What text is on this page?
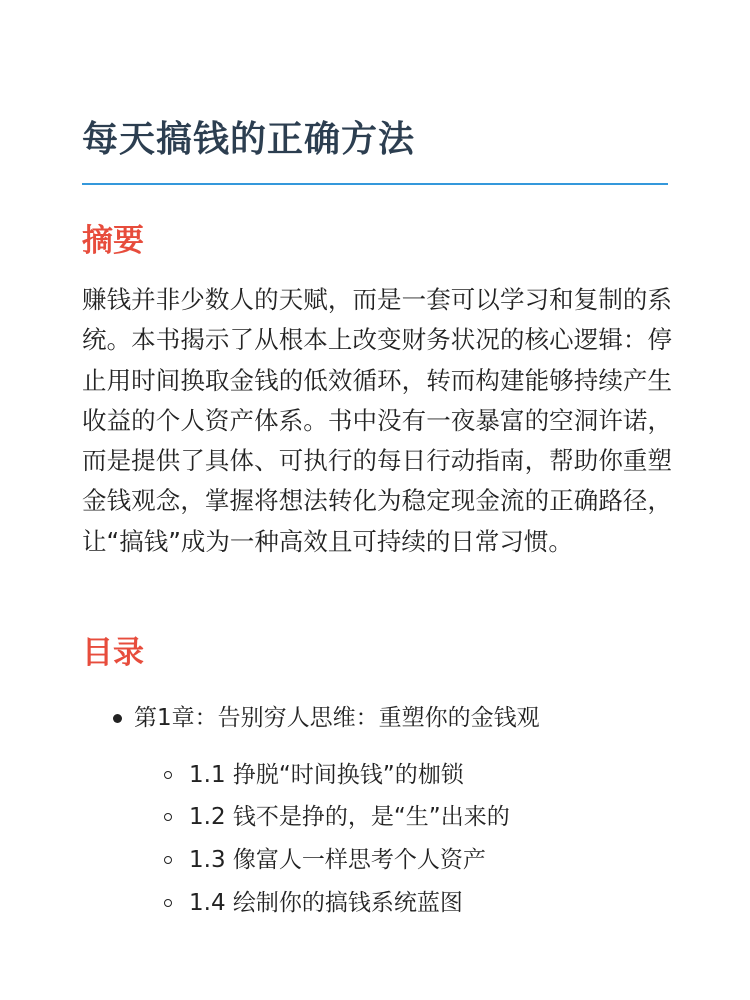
每天搞钱的正确方法
摘要

赚钱并非少数人的天赋，而是一套可以学习和复制的系统。本书揭示了从根本上改变财务状况的核心逻辑：停止用时间换取金钱的低效循环，转而构建能够持续产生收益的个人资产体系。书中没有一夜暴富的空洞许诺，而是提供了具体、可执行的每日行动指南，帮助你重塑金钱观念，掌握将想法转化为稳定现金流的正确路径，让“搞钱”成为一种高效且可持续的日常习惯。

目录
第1章：告别穷人思维：重塑你的金钱观
1.1 挣脱“时间换钱”的枷锁
1.2 钱不是挣的，是“生”出来的
1.3 像富人一样思考个人资产
1.4 绘制你的搞钱系统蓝图
